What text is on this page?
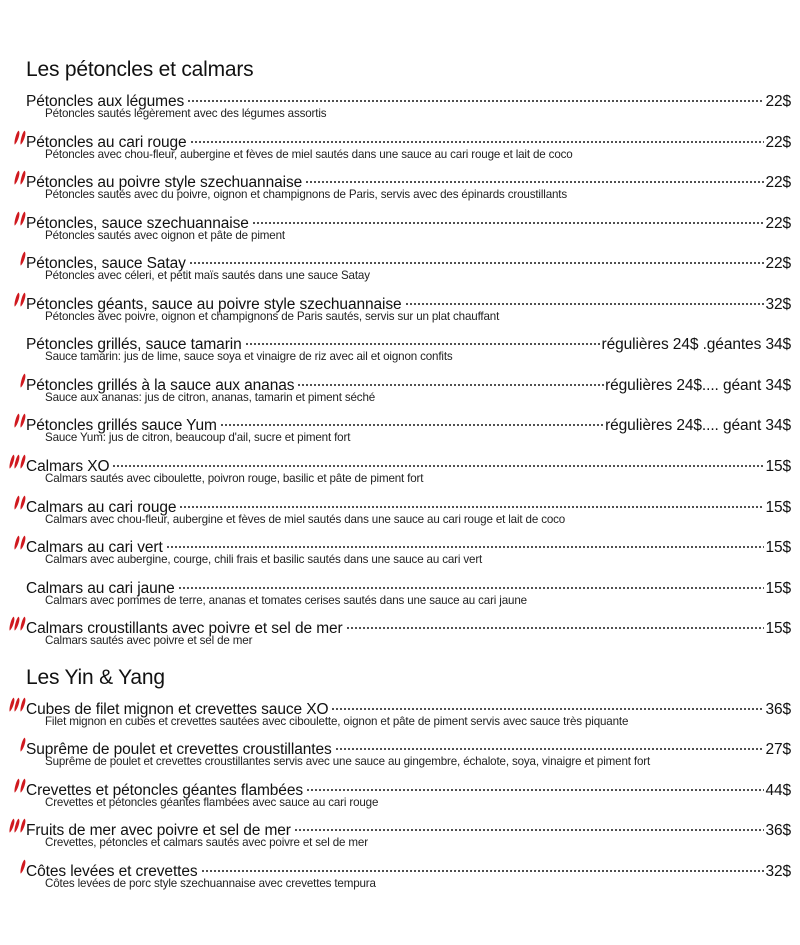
Les pétoncles et calmars
Pétoncles aux légumes	22$
Pétoncles sautés légèrement avec des légumes assortis
Pétoncles au cari rouge	22$
Pétoncles avec chou-fleur, aubergine et fèves de miel sautés dans une sauce au cari rouge et lait de coco
Pétoncles au poivre style szechuannaise	22$
Pétoncles sautés avec du poivre, oignon et champignons de Paris, servis avec des épinards croustillants
Pétoncles, sauce szechuannaise	22$
Pétoncles sautés avec oignon et pâte de piment
Pétoncles, sauce Satay	22$
Pétoncles avec céleri, et petit maïs sautés dans une sauce Satay
Pétoncles géants, sauce au poivre style szechuannaise	32$
Pétoncles avec poivre, oignon et champignons de Paris sautés, servis sur un plat chauffant
Pétoncles grillés, sauce tamarin	régulières 24$ .géantes 34$
Sauce tamarin: jus de lime, sauce soya et vinaigre de riz avec ail et oignon confits
Pétoncles grillés à la sauce aux ananas	régulières 24$.... géant 34$
Sauce aux ananas: jus de citron, ananas, tamarin et piment séché
Pétoncles grillés sauce Yum	régulières 24$.... géant 34$
Sauce Yum: jus de citron, beaucoup d'ail, sucre et piment fort
Calmars XO	15$
Calmars sautés avec ciboulette, poivron rouge, basilic et pâte de piment fort
Calmars au cari rouge	15$
Calmars avec chou-fleur, aubergine et fèves de miel sautés dans une sauce au cari rouge et lait de coco
Calmars au cari vert	15$
Calmars avec aubergine, courge, chili frais et basilic sautés dans une sauce au cari vert
Calmars au cari jaune	15$
Calmars avec pommes de terre, ananas et tomates cerises sautés dans une sauce au cari jaune
Calmars croustillants avec poivre et sel de mer	15$
Calmars sautés avec poivre et sel de mer
Les Yin & Yang
Cubes de filet mignon et crevettes sauce XO	36$
Filet mignon en cubes et crevettes sautées avec ciboulette, oignon et pâte de piment servis avec sauce très piquante
Suprême de poulet et crevettes croustillantes	27$
Suprême de poulet et crevettes croustillantes servis avec une sauce au gingembre, échalote, soya, vinaigre et piment fort
Crevettes et pétoncles géantes flambées	44$
Crevettes et pétoncles géantes flambées avec sauce au cari rouge
Fruits de mer avec poivre et sel de mer	36$
Crevettes, pétoncles et calmars sautés avec poivre et sel de mer
Côtes levées et crevettes	32$
Côtes levées de porc style szechuannaise avec crevettes tempura
